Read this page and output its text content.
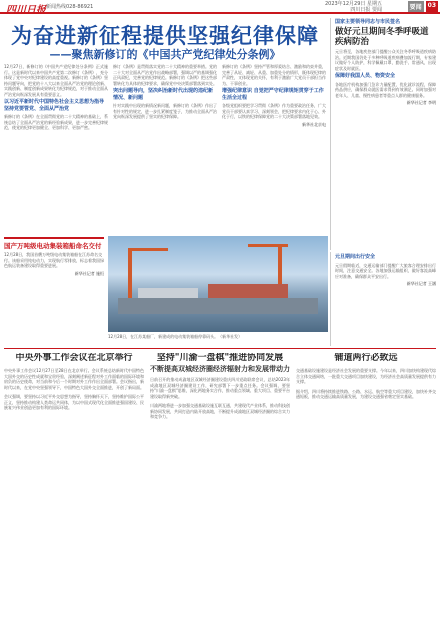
四川日报 新闻热线028-86921	2023年12月29日 星期五
四川日报 要闻	要闻	03
为奋进新征程提供坚强纪律保障
——聚焦新修订的《中国共产党纪律处分条例》

12月27日，新修订的《中国共产党纪律处分条例》正式施行。这是新时代以来中国共产党第二次修订《条例》，充分体现了党中央对纪律建设的高度重视。新修订的《条例》坚持问题导向，把党的十八大以来全面从严治党的理论创新、实践创新、制度创新成果转化为纪律规范，对于推动全面从严治党向纵深发展具有重要意义。

以习近平新时代中国特色社会主义思想为指导 坚持党要管党、全面从严治党

新修订的《条例》在全面贯彻党的二十大精神的基础上，系统总结了全面从严治党的新经验新成果，进一步完善纪律规范，使党的纪律更加健全、更加科学、更加严密。

修订《条例》是贯彻落实党的二十大精神的重要举措。党的二十大对全面从严治党作出战略部署，强调以严的基调强化正风肃纪，完善党的纪律规范。新修订的《条例》把这些部署转化为具体的纪律要求，确保党中央决策部署落到实处。

突出问题导向，坚决纠治新时代出现的违纪新情况、新问题

针对实践中出现的新情况新问题，新修订的《条例》作出了有针对性的规定，进一步扎紧制度笼子，为推动全面从严治党向纵深发展提供了坚实的纪律保障。

新修订的《条例》坚持严管和厚爱结合、激励和约束并重，完善了从轻、减轻、从重、加重处分的情形，既体现纪律的严肃性，又体现党的关怀，有利于激励广大党员干部担当作为、干事创业。

增强纪律意识 自觉把严守纪律规矩贯穿于工作生活全过程

各级党组织要把学习贯彻《条例》作为重要政治任务，广大党员干部要认真学习、深刻领会，把纪律要求内化于心、外化于行，以铁的纪律保障党的二十大决策部署落地见效。

新华社北京电

国家主要领导同志与市民签名
做好元旦期间冬季呼吸道疾病防治

元旦将至，各地疾控部门提醒公众关注冬季呼吸道疾病防治。近期我国仍处于多种呼吸道疾病叠加流行期，专家建议做好个人防护，科学佩戴口罩，勤洗手、常通风，出现症状及时就医。

保障好我国人员、物资安全

各地医疗机构加强门急诊力量配置，优化就诊流程，保障药品供应，确保群众就医需求得到有效满足。同时加强对老年人、儿童、慢性病患者等重点人群的健康服务。

新华社记者 李明

国产万吨级电动集装箱船命名交付

12月28日，我国首艘万吨级电动集装箱船在江苏命名交付。该船采用纯电动力，实现航行零排放，标志着我国绿色航运装备建设取得重要进展。

新华社记者 施恒

12月28日，在江苏某船厂，新建成的电动集装箱船停靠码头。（新华社发）

元旦期间出行安全

元旦假期临近，交通运输部门提醒广大旅客合理安排出行时间，注意交通安全。各地加强运输组织，做好客流高峰应对准备，确保群众平安出行。

新华社记者 王涵

中央外事工作会议在北京举行

中央外事工作会议12月27日至28日在北京举行。会议系统总结新时代中国特色大国外交的历史性成就和宝贵经验，深刻阐述新征程对外工作面临的国际环境和肩负的历史使命，对当前和今后一个时期对外工作作出全面部署。会议指出，新时代以来，在党中央坚强领导下，中国特色大国外交全面推进，开创了新局面。

会议强调，要坚持以习近平外交思想为指导，坚持胸怀天下，坚持维护国际公平正义，坚持推动构建人类命运共同体，为以中国式现代化全面推进强国建设、民族复兴伟业创造更加有利的国际环境。

坚持"川渝一盘棋"推进协同发展
不断提高双城经济圈经济辐射力和发展带动力

日前召开的推动成渝地区双城经济圈建设重庆四川党政联席会议，总结2023年成渝地区双城经济圈建设工作，研究部署下一步重点任务。会议强调，要坚持"川渝一盘棋"思维，深化两地务实合作，推动重点领域、重大项目、重要平台建设取得新突破。

川渝两地将进一步加强交通基础设施互联互通，共建现代产业体系，推动科技创新协同发展，共同打造内陆开放高地，不断提升成渝地区双城经济圈的综合实力和竞争力。

铺道两行必致远

交通基础设施建设是经济社会发展的重要支撑。今年以来，四川加快构建现代综合立体交通网络，一批重大交通项目加快建设，为经济社会高质量发展提供有力支撑。

据介绍，四川将持续推进铁路、公路、水运、航空等重大项目建设，加快补齐交通短板，推动交通运输高质量发展，为建设交通强省奠定坚实基础。
